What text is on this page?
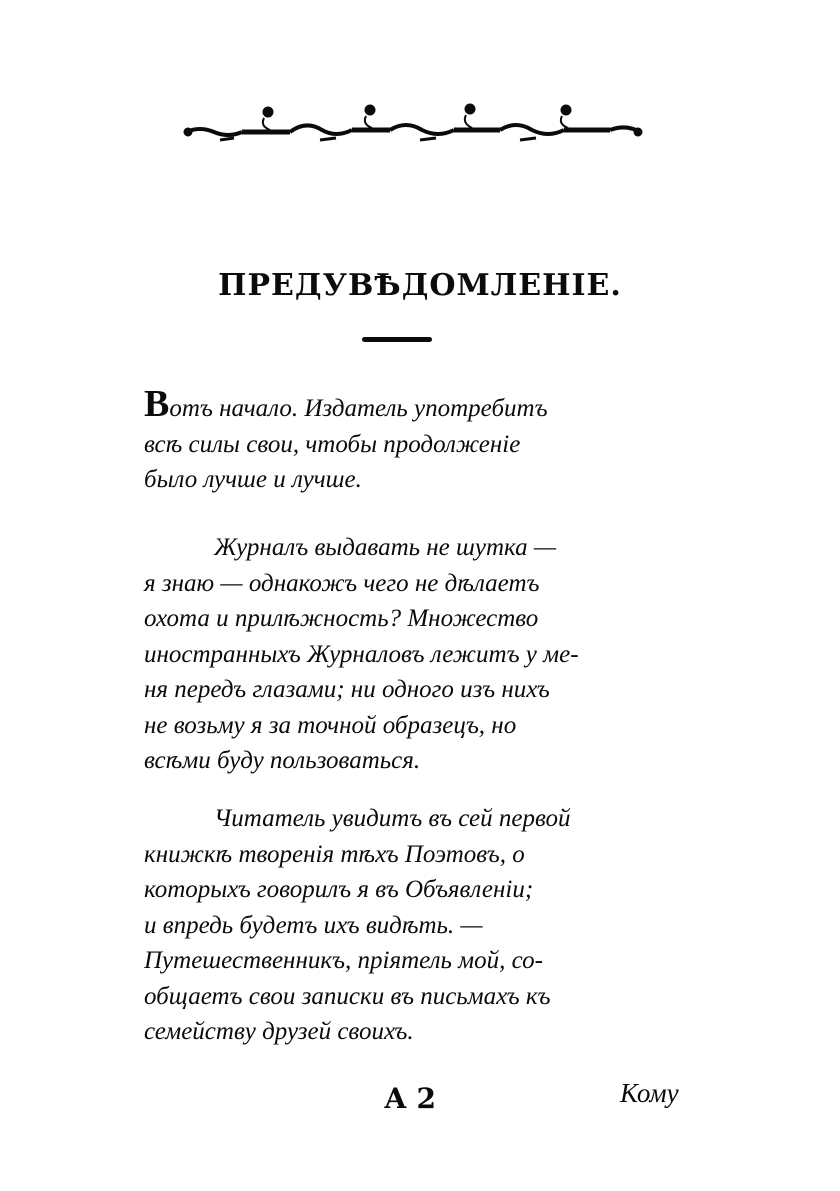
ПРЕДУВѢДОМЛЕНІЕ.
Вотъ начало. Издатель употребитъ
всѣ силы свои, чтобы продолженіе
было лучше и лучше.
Журналъ выдавать не шутка —
я знаю — однакожъ чего не дѣлаетъ
охота и прилѣжность? Множество
иностранныхъ Журналовъ лежитъ у ме-
ня передъ глазами; ни одного изъ нихъ
не возьму я за точной образецъ, но
всѣми буду пользоваться.
Читатель увидитъ въ сей первой
книжкѣ творенія тѣхъ Поэтовъ, о
которыхъ говорилъ я въ Объявленіи;
и впредь будетъ ихъ видѣть. —
Путешественникъ, пріятель мой, со-
общаетъ свои записки въ письмахъ къ
семейству друзей своихъ.
А 2	Кому
